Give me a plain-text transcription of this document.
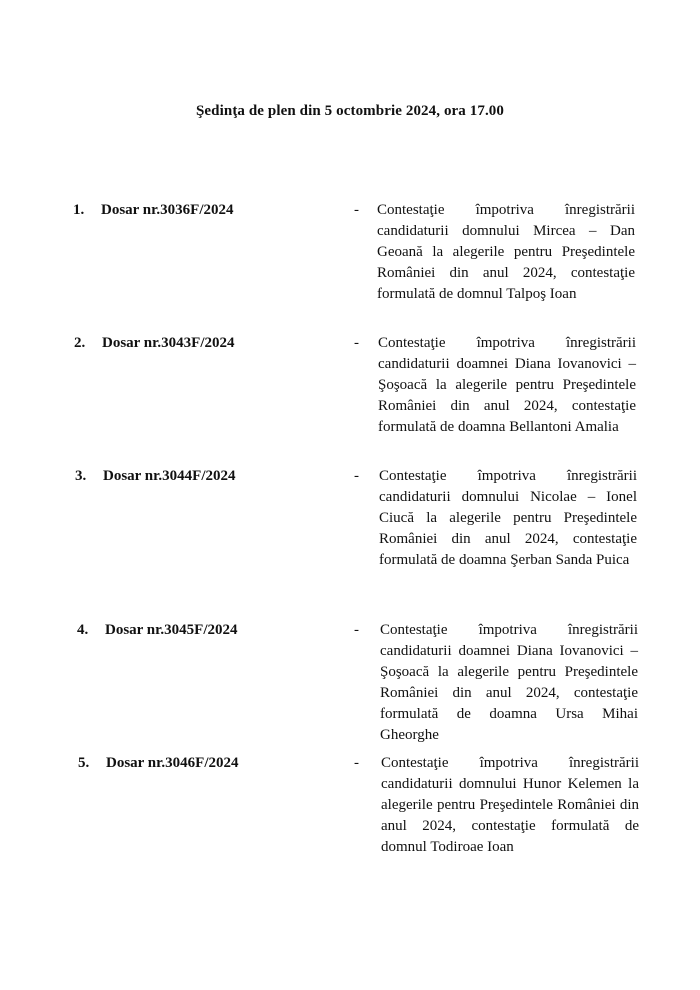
Şedinţa de plen din 5 octombrie 2024, ora 17.00
1. Dosar nr.3036F/2024	- Contestaţie împotriva înregistrării candidaturii domnului Mircea – Dan Geoană la alegerile pentru Preşedintele României din anul 2024, contestaţie formulată de domnul Talpoş Ioan
2. Dosar nr.3043F/2024	- Contestaţie împotriva înregistrării candidaturii doamnei Diana Iovanovici – Şoşoacă la alegerile pentru Preşedintele României din anul 2024, contestaţie formulată de doamna Bellantoni Amalia
3. Dosar nr.3044F/2024	- Contestaţie împotriva înregistrării candidaturii domnului Nicolae – Ionel Ciucă la alegerile pentru Preşedintele României din anul 2024, contestaţie formulată de doamna Şerban Sanda Puica
4. Dosar nr.3045F/2024	- Contestaţie împotriva înregistrării candidaturii doamnei Diana Iovanovici – Şoşoacă la alegerile pentru Preşedintele României din anul 2024, contestaţie formulată de doamna Ursa Mihai Gheorghe
5. Dosar nr.3046F/2024	- Contestaţie împotriva înregistrării candidaturii domnului Hunor Kelemen la alegerile pentru Preşedintele României din anul 2024, contestaţie formulată de domnul Todiroae Ioan
